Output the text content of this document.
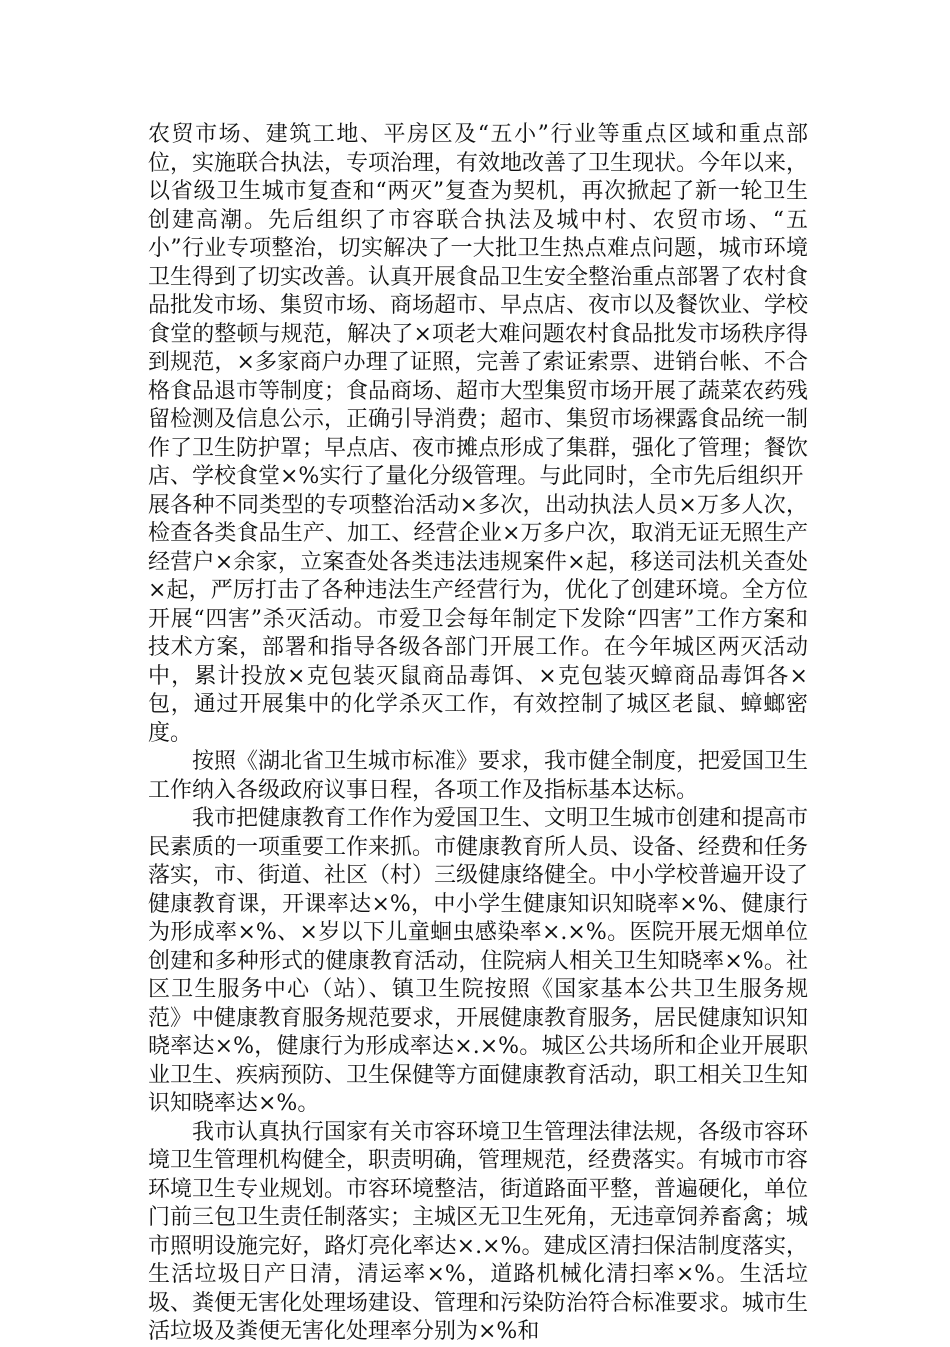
农贸市场、建筑工地、平房区及“五小”行业等重点区域和重点部位，实施联合执法，专项治理，有效地改善了卫生现状。今年以来，以省级卫生城市复查和“两灭”复查为契机，再次掀起了新一轮卫生创建高潮。先后组织了市容联合执法及城中村、农贸市场、“五小”行业专项整治，切实解决了一大批卫生热点难点问题，城市环境卫生得到了切实改善。认真开展食品卫生安全整治重点部署了农村食品批发市场、集贸市场、商场超市、早点店、夜市以及餐饮业、学校食堂的整顿与规范，解决了×项老大难问题农村食品批发市场秩序得到规范，×多家商户办理了证照，完善了索证索票、进销台帐、不合格食品退市等制度；食品商场、超市大型集贸市场开展了蔬菜农药残留检测及信息公示，正确引导消费；超市、集贸市场裸露食品统一制作了卫生防护罩；早点店、夜市摊点形成了集群，强化了管理；餐饮店、学校食堂×%实行了量化分级管理。与此同时，全市先后组织开

展各种不同类型的专项整治活动×多次，出动执法人员×万多人次，检查各类食品生产、加工、经营企业×万多户次，取消无证无照生产经营户×余家，立案查处各类违法违规案件×起，移送司法机关查处×起，严厉打击了各种违法生产经营行为，优化了创建环境。全方位开展“四害”杀灭活动。市爱卫会每年制定下发除“四害”工作方案和技术方案，部署和指导各级各部门开展工作。在今年城区两灭活动中，累计投放×克包装灭鼠商品毒饵、×克包装灭蟑商品毒饵各×包，通过开展集中的化学杀灭工作，有效控制了城区老鼠、蟑螂密度。

按照《湖北省卫生城市标准》要求，我市健全制度，把爱国卫生工作纳入各级政府议事日程，各项工作及指标基本达标。

我市把健康教育工作作为爱国卫生、文明卫生城市创建和提高市民素质的一项重要工作来抓。市健康教育所人员、设备、经费和任务落实，市、街道、社区（村）三级健康络健全。中小学校普遍开设了健康教育课，开课率达×%，中小学生健康知识知晓率×%、健康行为形成率×%、×岁以下儿童蛔虫感染率×.×%。医院开展无烟单位创建和多种形式的健康教育活动，住院病人相关卫生知晓率×%。社区卫生服务中心（站）、镇卫生院按照《国家基本公共卫生服务规范》中健康教育服务规范要求，开展健康教育服务，居民健康知识知晓率达×%，健康行为形成率达×.×%。城区公共场所和企业开展职业卫生、疾病预防、卫生保健等方面健康教育活动，职工相关卫生知识知晓率达×%。

我市认真执行国家有关市容环境卫生管理法律法规，各级市容环境卫生管理机构健全，职责明确，管理规范，经费落实。有城市市容环境卫生专业规划。市容环境整洁，街道路面平整，普遍硬化，单位门前三包卫生责任制落实；主城区无卫生死角，无违章饲养畜禽；城市照明设施完好，路灯亮化率达×.×%。建成区清扫保洁制度落实，生活垃圾日产日清，清运率×%，道路机械化清扫率×%。生活垃圾、粪便无害化处理场建设、管理和污染防治符合标准要求。城市生活垃圾及粪便无害化处理率分别为×%和
